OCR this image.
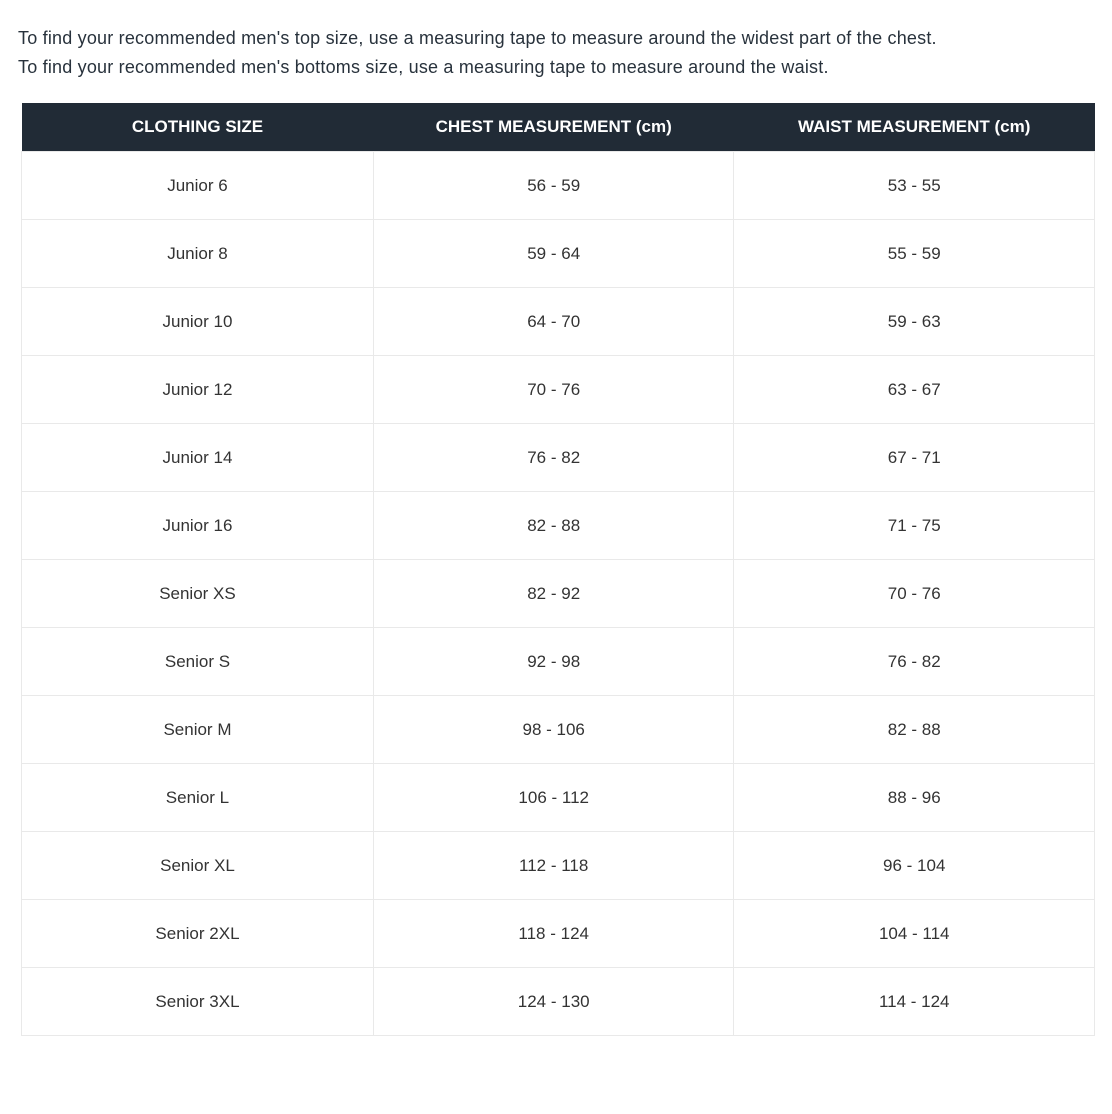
To find your recommended men's top size, use a measuring tape to measure around the widest part of the chest.

To find your recommended men's bottoms size, use a measuring tape to measure around the waist.

CLOTHING SIZE	CHEST MEASUREMENT (cm)	WAIST MEASUREMENT (cm)
Junior 6	56 - 59	53 - 55
Junior 8	59 - 64	55 - 59
Junior 10	64 - 70	59 - 63
Junior 12	70 - 76	63 - 67
Junior 14	76 - 82	67 - 71
Junior 16	82 - 88	71 - 75
Senior XS	82 - 92	70 - 76
Senior S	92 - 98	76 - 82
Senior M	98 - 106	82 - 88
Senior L	106 - 112	88 - 96
Senior XL	112 - 118	96 - 104
Senior 2XL	118 - 124	104 - 114
Senior 3XL	124 - 130	114 - 124
